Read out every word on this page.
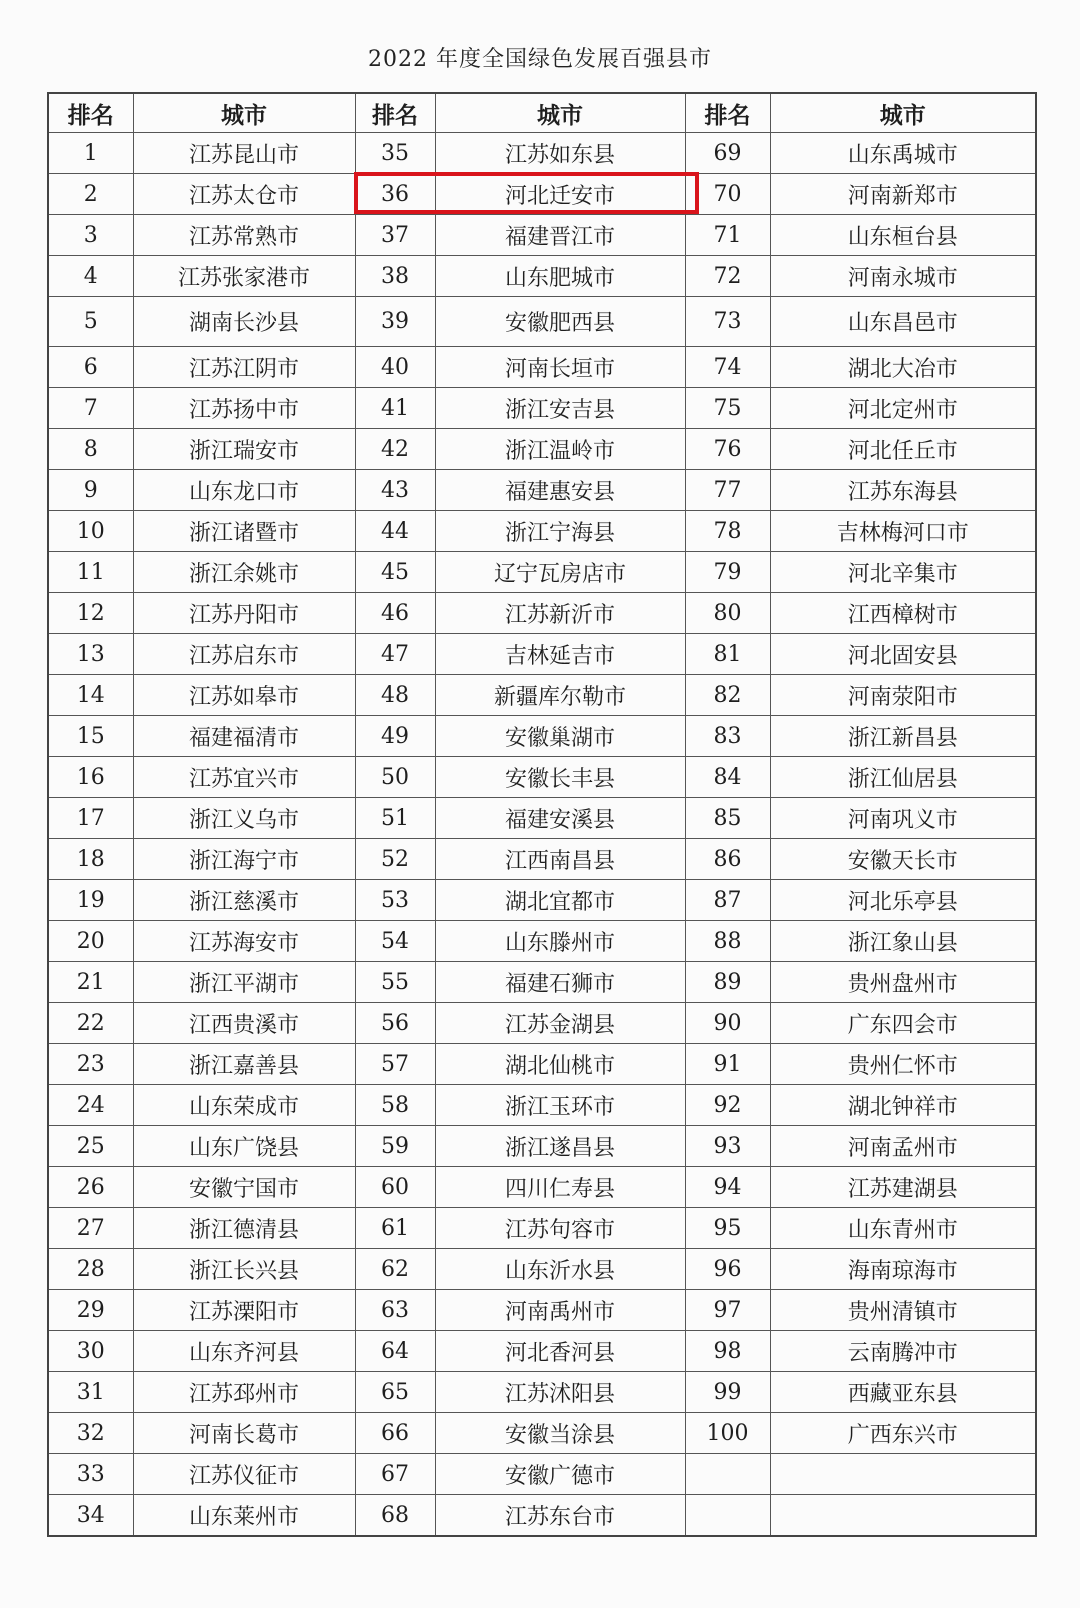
2022 年度全国绿色发展百强县市
排名	城市	排名	城市	排名	城市
1	江苏昆山市	35	江苏如东县	69	山东禹城市
2	江苏太仓市	36	河北迁安市	70	河南新郑市
3	江苏常熟市	37	福建晋江市	71	山东桓台县
4	江苏张家港市	38	山东肥城市	72	河南永城市
5	湖南长沙县	39	安徽肥西县	73	山东昌邑市
6	江苏江阴市	40	河南长垣市	74	湖北大冶市
7	江苏扬中市	41	浙江安吉县	75	河北定州市
8	浙江瑞安市	42	浙江温岭市	76	河北任丘市
9	山东龙口市	43	福建惠安县	77	江苏东海县
10	浙江诸暨市	44	浙江宁海县	78	吉林梅河口市
11	浙江余姚市	45	辽宁瓦房店市	79	河北辛集市
12	江苏丹阳市	46	江苏新沂市	80	江西樟树市
13	江苏启东市	47	吉林延吉市	81	河北固安县
14	江苏如皋市	48	新疆库尔勒市	82	河南荥阳市
15	福建福清市	49	安徽巢湖市	83	浙江新昌县
16	江苏宜兴市	50	安徽长丰县	84	浙江仙居县
17	浙江义乌市	51	福建安溪县	85	河南巩义市
18	浙江海宁市	52	江西南昌县	86	安徽天长市
19	浙江慈溪市	53	湖北宜都市	87	河北乐亭县
20	江苏海安市	54	山东滕州市	88	浙江象山县
21	浙江平湖市	55	福建石狮市	89	贵州盘州市
22	江西贵溪市	56	江苏金湖县	90	广东四会市
23	浙江嘉善县	57	湖北仙桃市	91	贵州仁怀市
24	山东荣成市	58	浙江玉环市	92	湖北钟祥市
25	山东广饶县	59	浙江遂昌县	93	河南孟州市
26	安徽宁国市	60	四川仁寿县	94	江苏建湖县
27	浙江德清县	61	江苏句容市	95	山东青州市
28	浙江长兴县	62	山东沂水县	96	海南琼海市
29	江苏溧阳市	63	河南禹州市	97	贵州清镇市
30	山东齐河县	64	河北香河县	98	云南腾冲市
31	江苏邳州市	65	江苏沭阳县	99	西藏亚东县
32	河南长葛市	66	安徽当涂县	100	广西东兴市
33	江苏仪征市	67	安徽广德市		
34	山东莱州市	68	江苏东台市		
